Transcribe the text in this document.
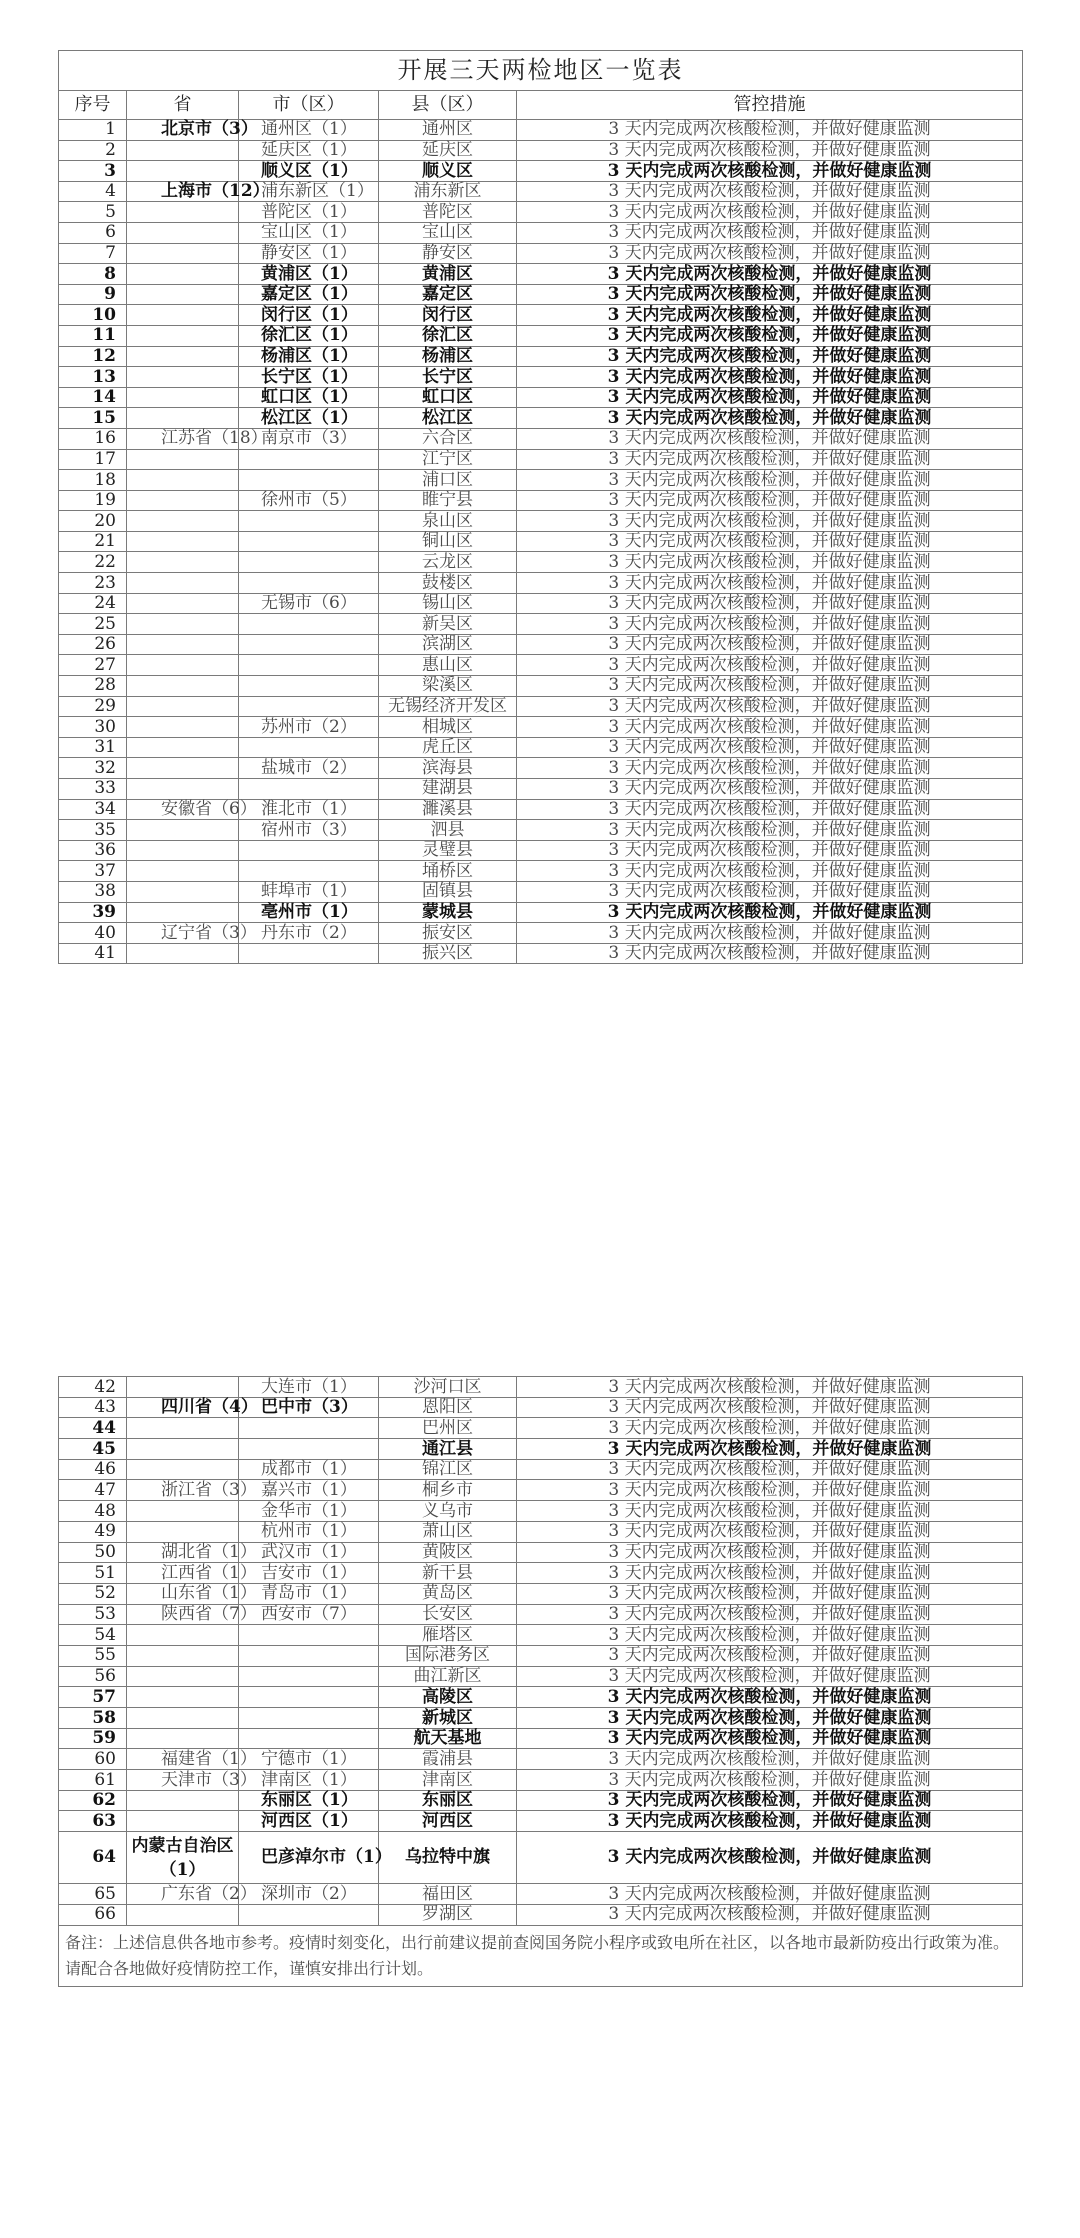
开展三天两检地区一览表				
序号	省	市（区）	县（区）	管控措施
1	北京市（3）	通州区（1）	通州区	3 天内完成两次核酸检测，并做好健康监测
2		延庆区（1）	延庆区	3 天内完成两次核酸检测，并做好健康监测
3		顺义区（1）	顺义区	3 天内完成两次核酸检测，并做好健康监测
4	上海市（12）	浦东新区（1）	浦东新区	3 天内完成两次核酸检测，并做好健康监测
5		普陀区（1）	普陀区	3 天内完成两次核酸检测，并做好健康监测
6		宝山区（1）	宝山区	3 天内完成两次核酸检测，并做好健康监测
7		静安区（1）	静安区	3 天内完成两次核酸检测，并做好健康监测
8		黄浦区（1）	黄浦区	3 天内完成两次核酸检测，并做好健康监测
9		嘉定区（1）	嘉定区	3 天内完成两次核酸检测，并做好健康监测
10		闵行区（1）	闵行区	3 天内完成两次核酸检测，并做好健康监测
11		徐汇区（1）	徐汇区	3 天内完成两次核酸检测，并做好健康监测
12		杨浦区（1）	杨浦区	3 天内完成两次核酸检测，并做好健康监测
13		长宁区（1）	长宁区	3 天内完成两次核酸检测，并做好健康监测
14		虹口区（1）	虹口区	3 天内完成两次核酸检测，并做好健康监测
15		松江区（1）	松江区	3 天内完成两次核酸检测，并做好健康监测
16	江苏省（18）	南京市（3）	六合区	3 天内完成两次核酸检测，并做好健康监测
17			江宁区	3 天内完成两次核酸检测，并做好健康监测
18			浦口区	3 天内完成两次核酸检测，并做好健康监测
19		徐州市（5）	睢宁县	3 天内完成两次核酸检测，并做好健康监测
20			泉山区	3 天内完成两次核酸检测，并做好健康监测
21			铜山区	3 天内完成两次核酸检测，并做好健康监测
22			云龙区	3 天内完成两次核酸检测，并做好健康监测
23			鼓楼区	3 天内完成两次核酸检测，并做好健康监测
24		无锡市（6）	锡山区	3 天内完成两次核酸检测，并做好健康监测
25			新吴区	3 天内完成两次核酸检测，并做好健康监测
26			滨湖区	3 天内完成两次核酸检测，并做好健康监测
27			惠山区	3 天内完成两次核酸检测，并做好健康监测
28			梁溪区	3 天内完成两次核酸检测，并做好健康监测
29			无锡经济开发区	3 天内完成两次核酸检测，并做好健康监测
30		苏州市（2）	相城区	3 天内完成两次核酸检测，并做好健康监测
31			虎丘区	3 天内完成两次核酸检测，并做好健康监测
32		盐城市（2）	滨海县	3 天内完成两次核酸检测，并做好健康监测
33			建湖县	3 天内完成两次核酸检测，并做好健康监测
34	安徽省（6）	淮北市（1）	濉溪县	3 天内完成两次核酸检测，并做好健康监测
35		宿州市（3）	泗县	3 天内完成两次核酸检测，并做好健康监测
36			灵璧县	3 天内完成两次核酸检测，并做好健康监测
37			埇桥区	3 天内完成两次核酸检测，并做好健康监测
38		蚌埠市（1）	固镇县	3 天内完成两次核酸检测，并做好健康监测
39		亳州市（1）	蒙城县	3 天内完成两次核酸检测，并做好健康监测
40	辽宁省（3）	丹东市（2）	振安区	3 天内完成两次核酸检测，并做好健康监测
41			振兴区	3 天内完成两次核酸检测，并做好健康监测
42		大连市（1）	沙河口区	3 天内完成两次核酸检测，并做好健康监测
43	四川省（4）	巴中市（3）	恩阳区	3 天内完成两次核酸检测，并做好健康监测
44			巴州区	3 天内完成两次核酸检测，并做好健康监测
45			通江县	3 天内完成两次核酸检测，并做好健康监测
46		成都市（1）	锦江区	3 天内完成两次核酸检测，并做好健康监测
47	浙江省（3）	嘉兴市（1）	桐乡市	3 天内完成两次核酸检测，并做好健康监测
48		金华市（1）	义乌市	3 天内完成两次核酸检测，并做好健康监测
49		杭州市（1）	萧山区	3 天内完成两次核酸检测，并做好健康监测
50	湖北省（1）	武汉市（1）	黄陂区	3 天内完成两次核酸检测，并做好健康监测
51	江西省（1）	吉安市（1）	新干县	3 天内完成两次核酸检测，并做好健康监测
52	山东省（1）	青岛市（1）	黄岛区	3 天内完成两次核酸检测，并做好健康监测
53	陕西省（7）	西安市（7）	长安区	3 天内完成两次核酸检测，并做好健康监测
54			雁塔区	3 天内完成两次核酸检测，并做好健康监测
55			国际港务区	3 天内完成两次核酸检测，并做好健康监测
56			曲江新区	3 天内完成两次核酸检测，并做好健康监测
57			高陵区	3 天内完成两次核酸检测，并做好健康监测
58			新城区	3 天内完成两次核酸检测，并做好健康监测
59			航天基地	3 天内完成两次核酸检测，并做好健康监测
60	福建省（1）	宁德市（1）	霞浦县	3 天内完成两次核酸检测，并做好健康监测
61	天津市（3）	津南区（1）	津南区	3 天内完成两次核酸检测，并做好健康监测
62		东丽区（1）	东丽区	3 天内完成两次核酸检测，并做好健康监测
63		河西区（1）	河西区	3 天内完成两次核酸检测，并做好健康监测
64	内蒙古自治区（1）	巴彦淖尔市（1）	乌拉特中旗	3 天内完成两次核酸检测，并做好健康监测
65	广东省（2）	深圳市（2）	福田区	3 天内完成两次核酸检测，并做好健康监测
66			罗湖区	3 天内完成两次核酸检测，并做好健康监测
备注：上述信息供各地市参考。疫情时刻变化，出行前建议提前查阅国务院小程序或致电所在社区，以各地市最新防疫出行政策为准。请配合各地做好疫情防控工作，谨慎安排出行计划。				
